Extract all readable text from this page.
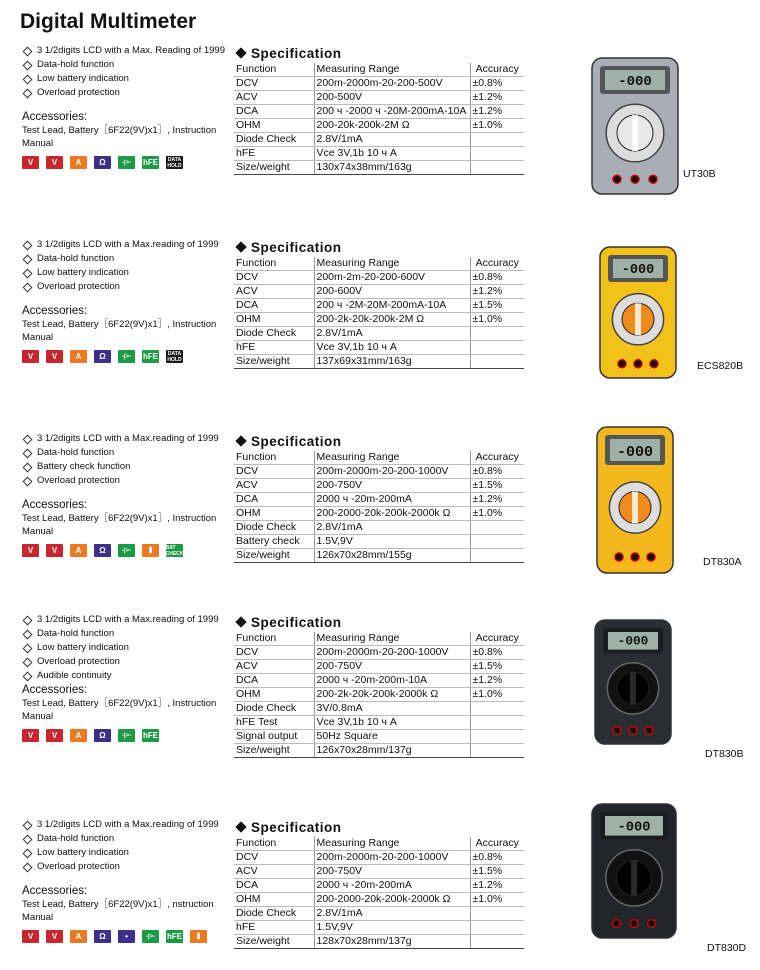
Digital Multimeter
3 1/2digits LCD with a Max. Reading of 1999
Data-hold function
Low battery indication
Overload protection
Accessories:
Test Lead, Battery［6F22(9V)x1］, Instruction Manual
V	V	A	Ω	-|>-	hFE	DATA HOLD
Specification
Function	Measuring Range	Accuracy
DCV	200m-2000m-20-200-500V	±0.8%
ACV	200-500V	±1.2%
DCA	200 ч -2000 ч -20M-200mA-10A	±1.2%
OHM	200-20k-200k-2M Ω	±1.0%
Diode Check	2.8V/1mA	
hFE	Vce 3V,1b 10 ч A	
Size/weight	130x74x38mm/163g	
3 1/2digits LCD with a Max.reading of 1999
Data-hold function
Low battery indication
Overload protection
Accessories:
Test Lead, Battery［6F22(9V)x1］, Instruction Manual
V	V	A	Ω	-|>-	hFE	DATA HOLD
Specification
Function	Measuring Range	Accuracy
DCV	200m-2m-20-200-600V	±0.8%
ACV	200-600V	±1.2%
DCA	200 ч -2M-20M-200mA-10A	±1.5%
OHM	200-2k-20k-200k-2M Ω	±1.0%
Diode Check	2.8V/1mA	
hFE	Vce 3V,1b 10 ч A	
Size/weight	137x69x31mm/163g	
3 1/2digits LCD with a Max.reading of 1999
Data-hold function
Battery check function
Overload protection
Accessories:
Test Lead, Battery［6F22(9V)x1］, Instruction Manual
V	V	A	Ω	-|>-	⫴	BAT CHECK
Specification
Function	Measuring Range	Accuracy
DCV	200m-2000m-20-200-1000V	±0.8%
ACV	200-750V	±1.5%
DCA	2000 ч -20m-200mA	±1.2%
OHM	200-2000-20k-200k-2000k Ω	±1.0%
Diode Check	2.8V/1mA	
Battery check	1.5V,9V	
Size/weight	126x70x28mm/155g	
3 1/2digits LCD with a Max.reading of 1999
Data-hold function
Low battery indication
Overload protection
Audible continuity
Accessories:
Test Lead, Battery［6F22(9V)x1］, Instruction Manual
V	V	A	Ω	-|>-	hFE
Specification
Function	Measuring Range	Accuracy
DCV	200m-2000m-20-200-1000V	±0.8%
ACV	200-750V	±1.5%
DCA	2000 ч -20m-200m-10A	±1.2%
OHM	200-2k-20k-200k-2000k Ω	±1.0%
Diode Check	3V/0.8mA	
hFE Test	Vce 3V,1b 10 ч A	
Signal output	50Hz Square	
Size/weight	126x70x28mm/137g	
3 1/2digits LCD with a Max.reading of 1999
Data-hold function
Low battery indication
Overload protection
Accessories:
Test Lead, Battery［6F22(9V)x1］, nstruction Manual
V	V	A	Ω	•	-|>-	hFE	⫴
Specification
Function	Measuring Range	Accuracy
DCV	200m-2000m-20-200-1000V	±0.8%
ACV	200-750V	±1.5%
DCA	2000 ч -20m-200mA	±1.2%
OHM	200-2000-20k-200k-2000k Ω	±1.0%
Diode Check	2.8V/1mA	
hFE	1.5V,9V	
Size/weight	128x70x28mm/137g	
-000
UT30B
-000
ECS820B
-000
DT830A
-000
DT830B
-000
DT830D
